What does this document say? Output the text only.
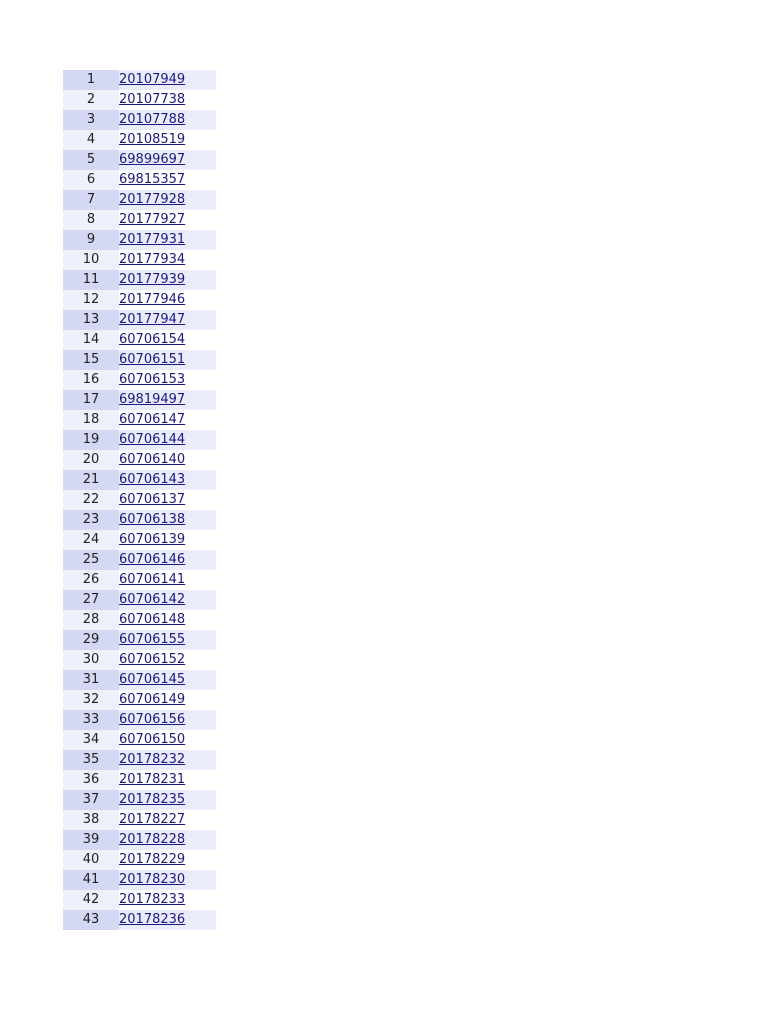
1	20107949
2	20107738
3	20107788
4	20108519
5	69899697
6	69815357
7	20177928
8	20177927
9	20177931
10	20177934
11	20177939
12	20177946
13	20177947
14	60706154
15	60706151
16	60706153
17	69819497
18	60706147
19	60706144
20	60706140
21	60706143
22	60706137
23	60706138
24	60706139
25	60706146
26	60706141
27	60706142
28	60706148
29	60706155
30	60706152
31	60706145
32	60706149
33	60706156
34	60706150
35	20178232
36	20178231
37	20178235
38	20178227
39	20178228
40	20178229
41	20178230
42	20178233
43	20178236
